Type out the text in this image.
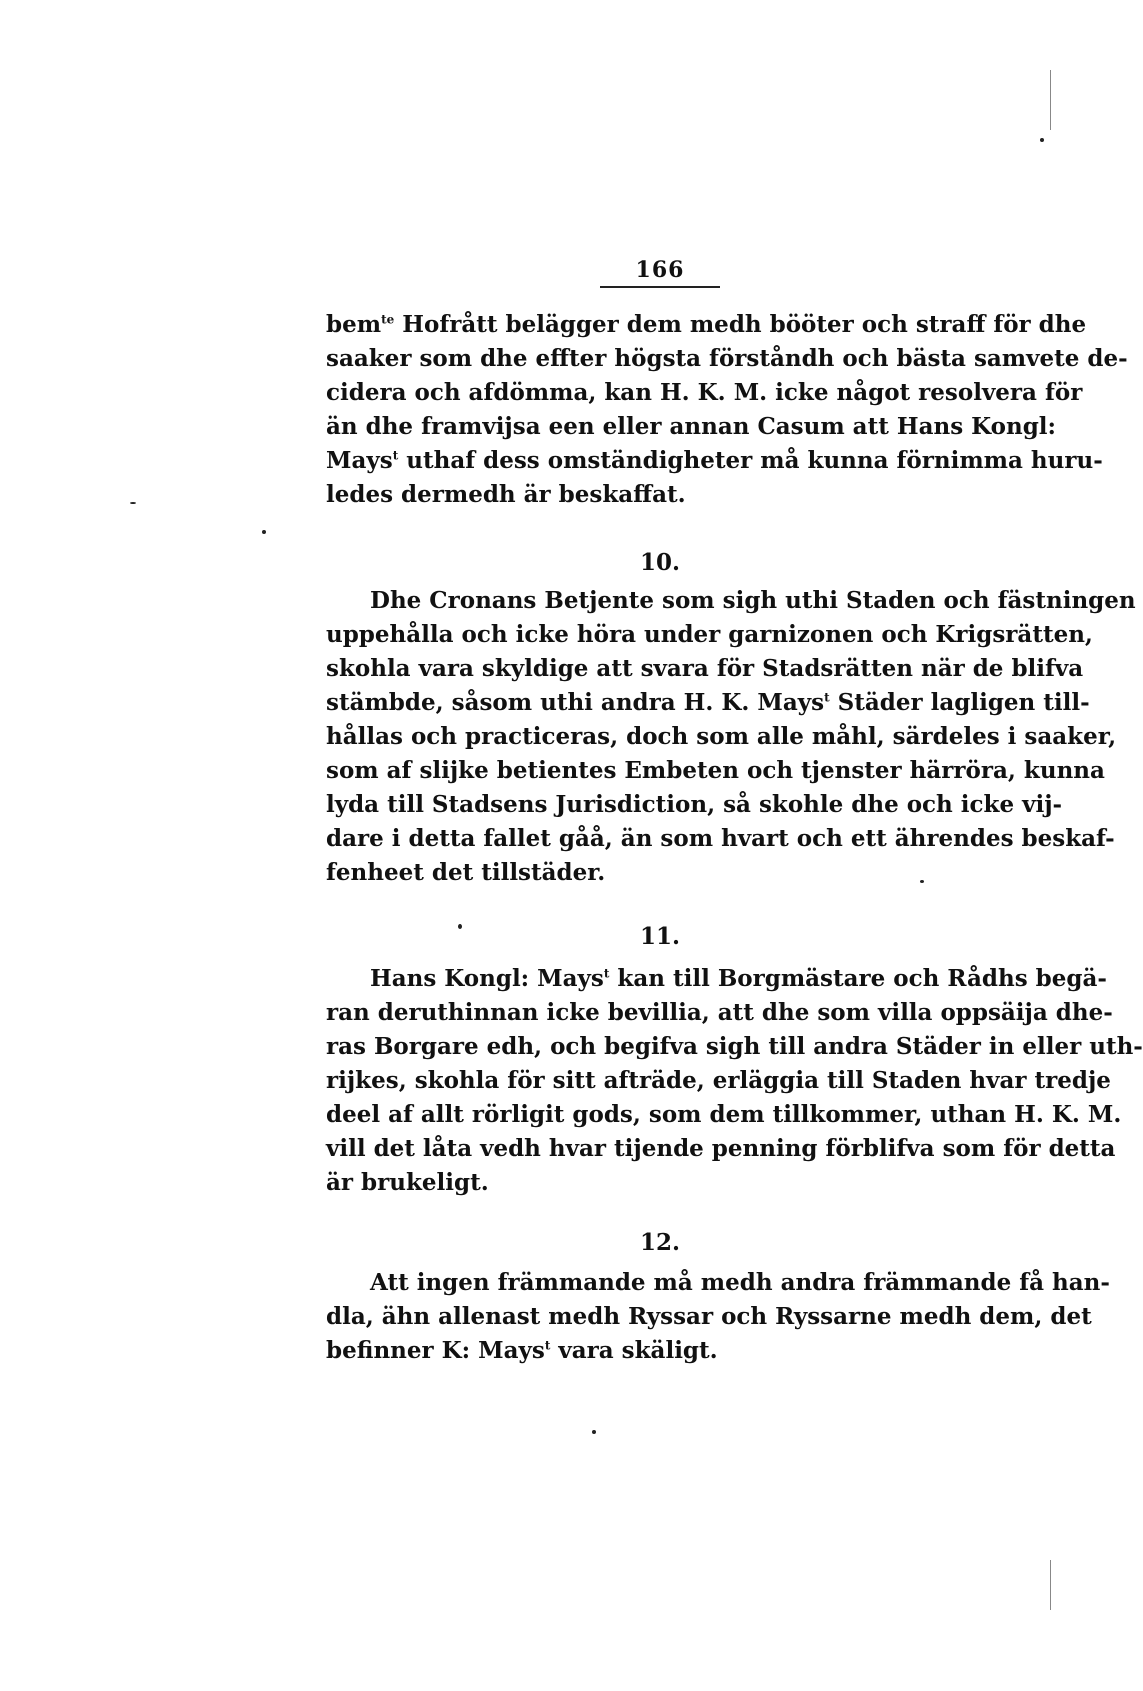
166
bem$^{te}$ Hofrått belägger dem medh bööter och straff för dhe
saaker som dhe effter högsta förståndh och bästa samvete de-
cidera och afdömma, kan H. K. M. icke något resolvera för
än dhe framvijsa een eller annan Casum att Hans Kongl:
Mays$^t$ uthaf dess omständigheter må kunna förnimma huru-
ledes dermedh är beskaffat.
10.
Dhe Cronans Betjente som sigh uthi Staden och fästningen
uppehålla och icke höra under garnizonen och Krigsrätten,
skohla vara skyldige att svara för Stadsrätten när de blifva
stämbde, såsom uthi andra H. K. Mays$^t$ Städer lagligen till-
hållas och practiceras, doch som alle måhl, särdeles i saaker,
som af slijke betientes Embeten och tjenster härröra, kunna
lyda till Stadsens Jurisdiction, så skohle dhe och icke vij-
dare i detta fallet gåå, än som hvart och ett ährendes beskaf-
fenheet det tillstäder.
11.
Hans Kongl: Mays$^t$ kan till Borgmästare och Rådhs begä-
ran deruthinnan icke bevillia, att dhe som villa oppsäija dhe-
ras Borgare edh, och begifva sigh till andra Städer in eller uth-
rijkes, skohla för sitt afträde, erläggia till Staden hvar tredje
deel af allt rörligit gods, som dem tillkommer, uthan H. K. M.
vill det låta vedh hvar tijende penning förblifva som för detta
är brukeligt.
12.
Att ingen främmande må medh andra främmande få han-
dla, ähn allenast medh Ryssar och Ryssarne medh dem, det
befinner K: Mays$^t$ vara skäligt.
